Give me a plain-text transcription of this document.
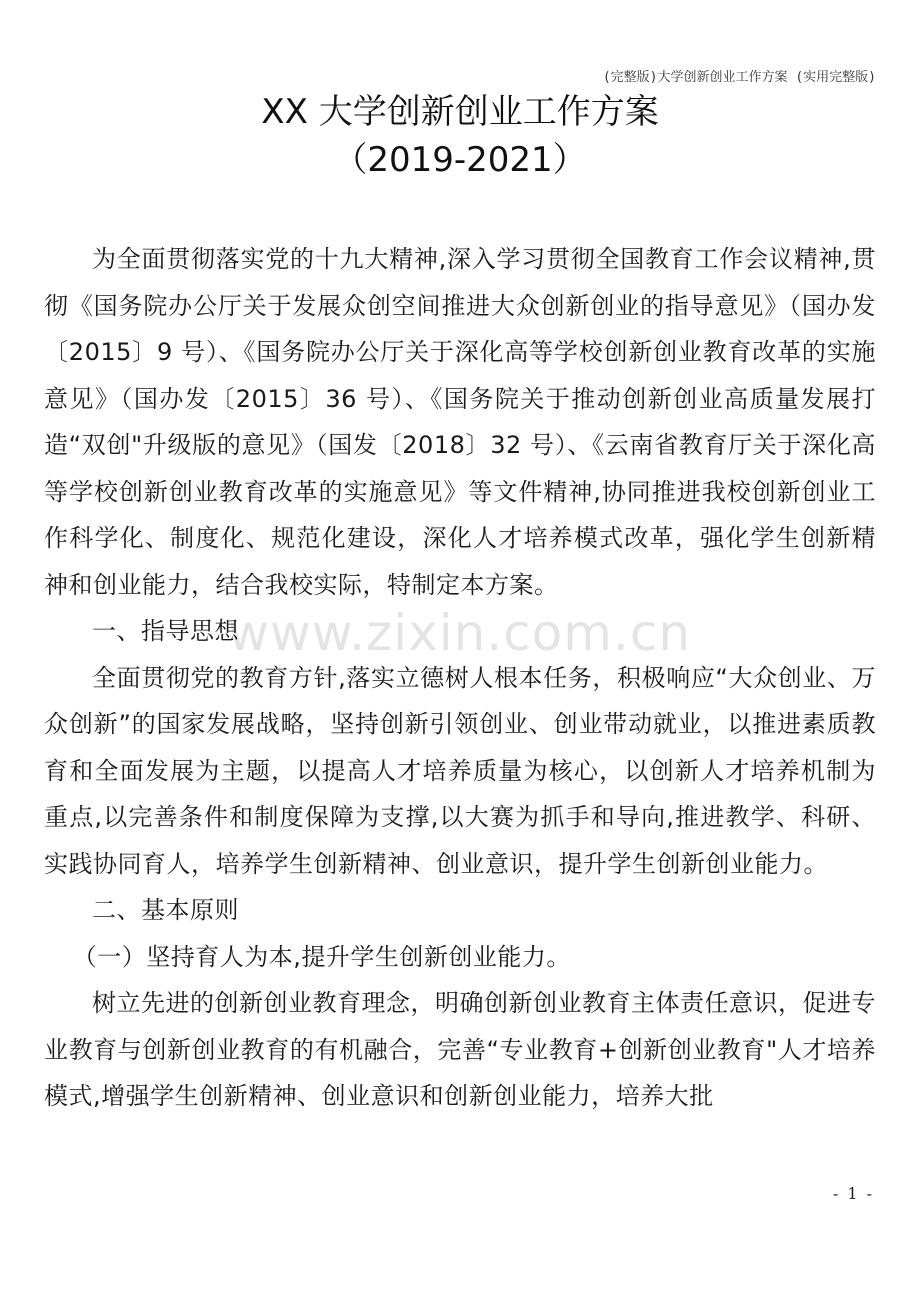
(完整版)大学创新创业工作方案 (实用完整版)
XX 大学创新创业工作方案
（2019-2021）
www.zixin.com.cn

为全面贯彻落实党的十九大精神,深入学习贯彻全国教育工作会议精神,贯彻《国务院办公厅关于发展众创空间推进大众创新创业的指导意见》（国办发〔2015〕9 号）、《国务院办公厅关于深化高等学校创新创业教育改革的实施意见》（国办发〔2015〕36 号）、《国务院关于推动创新创业高质量发展打造“双创"升级版的意见》（国发〔2018〕32 号）、《云南省教育厅关于深化高等学校创新创业教育改革的实施意见》等文件精神,协同推进我校创新创业工作科学化、制度化、规范化建设，深化人才培养模式改革，强化学生创新精神和创业能力，结合我校实际，特制定本方案。

一、指导思想

全面贯彻党的教育方针,落实立德树人根本任务，积极响应“大众创业、万众创新”的国家发展战略，坚持创新引领创业、创业带动就业，以推进素质教育和全面发展为主题，以提高人才培养质量为核心，以创新人才培养机制为重点,以完善条件和制度保障为支撑,以大赛为抓手和导向,推进教学、科研、实践协同育人，培养学生创新精神、创业意识，提升学生创新创业能力。

二、基本原则

（一）坚持育人为本,提升学生创新创业能力。

树立先进的创新创业教育理念，明确创新创业教育主体责任意识，促进专业教育与创新创业教育的有机融合，完善“专业教育+创新创业教育"人才培养模式,增强学生创新精神、创业意识和创新创业能力，培养大批

- 1 -
